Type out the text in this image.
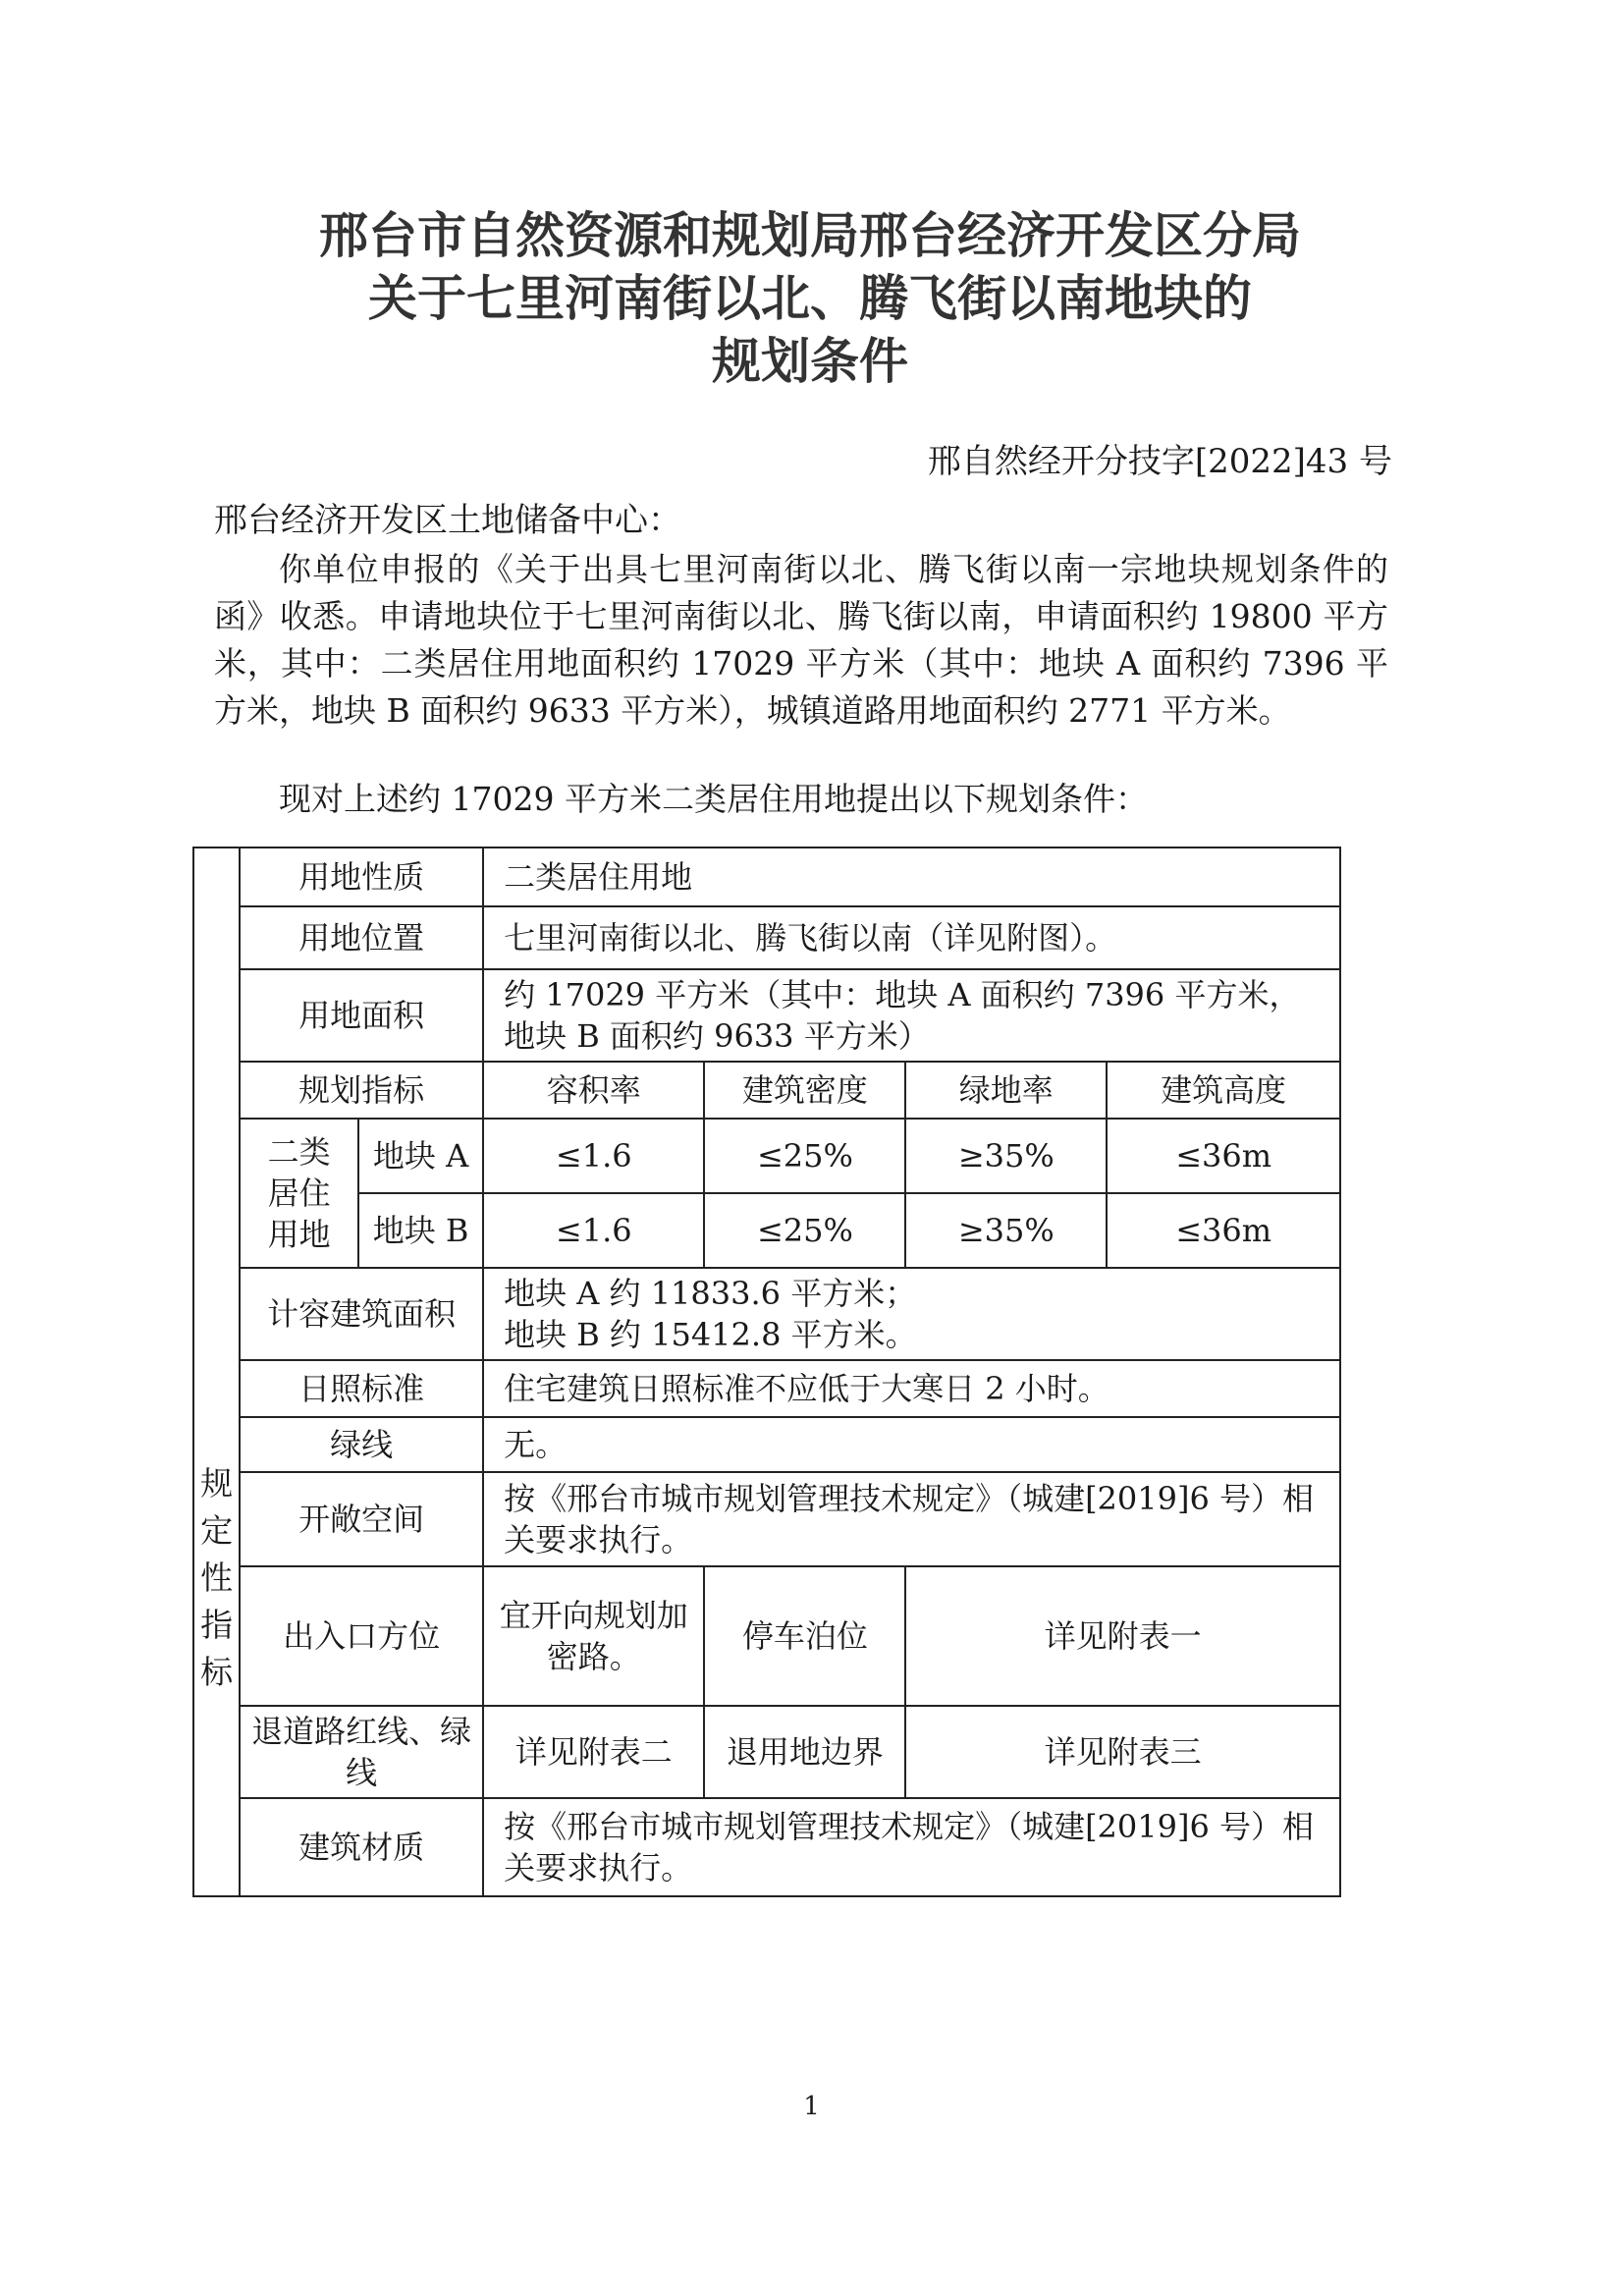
邢台市自然资源和规划局邢台经济开发区分局
关于七里河南街以北、腾飞街以南地块的
规划条件
邢自然经开分技字[2022]43 号
邢台经济开发区土地储备中心：
你单位申报的《关于出具七里河南街以北、腾飞街以南一宗地块规划条件的函》收悉。申请地块位于七里河南街以北、腾飞街以南，申请面积约 19800 平方米，其中：二类居住用地面积约 17029 平方米（其中：地块 A 面积约 7396 平方米，地块 B 面积约 9633 平方米），城镇道路用地面积约 2771 平方米。
现对上述约 17029 平方米二类居住用地提出以下规划条件：
规
定
性
指
标	用地性质		二类居住用地			
	用地位置		七里河南街以北、腾飞街以南（详见附图）。			
	用地面积		约 17029 平方米（其中：地块 A 面积约 7396 平方米，地块 B 面积约 9633 平方米）			
	规划指标		容积率	建筑密度	绿地率	建筑高度

	二类
居住
用地	地块 A	≤1.6	≤25%	≥35%	≤36m
		地块 B	≤1.6	≤25%	≥35%	≤36m
	计容建筑面积		地块 A 约 11833.6 平方米；
地块 B 约 15412.8 平方米。			

	日照标准		住宅建筑日照标准不应低于大寒日 2 小时。			
	绿线		无。			
	开敞空间		按《邢台市城市规划管理技术规定》（城建[2019]6 号）相关要求执行。			
	出入口方位		宜开向规划加密路。	停车泊位	详见附表一	
	退道路红线、绿线		详见附表二	退用地边界	详见附表三	
	建筑材质		按《邢台市城市规划管理技术规定》（城建[2019]6 号）相关要求执行。			
1
